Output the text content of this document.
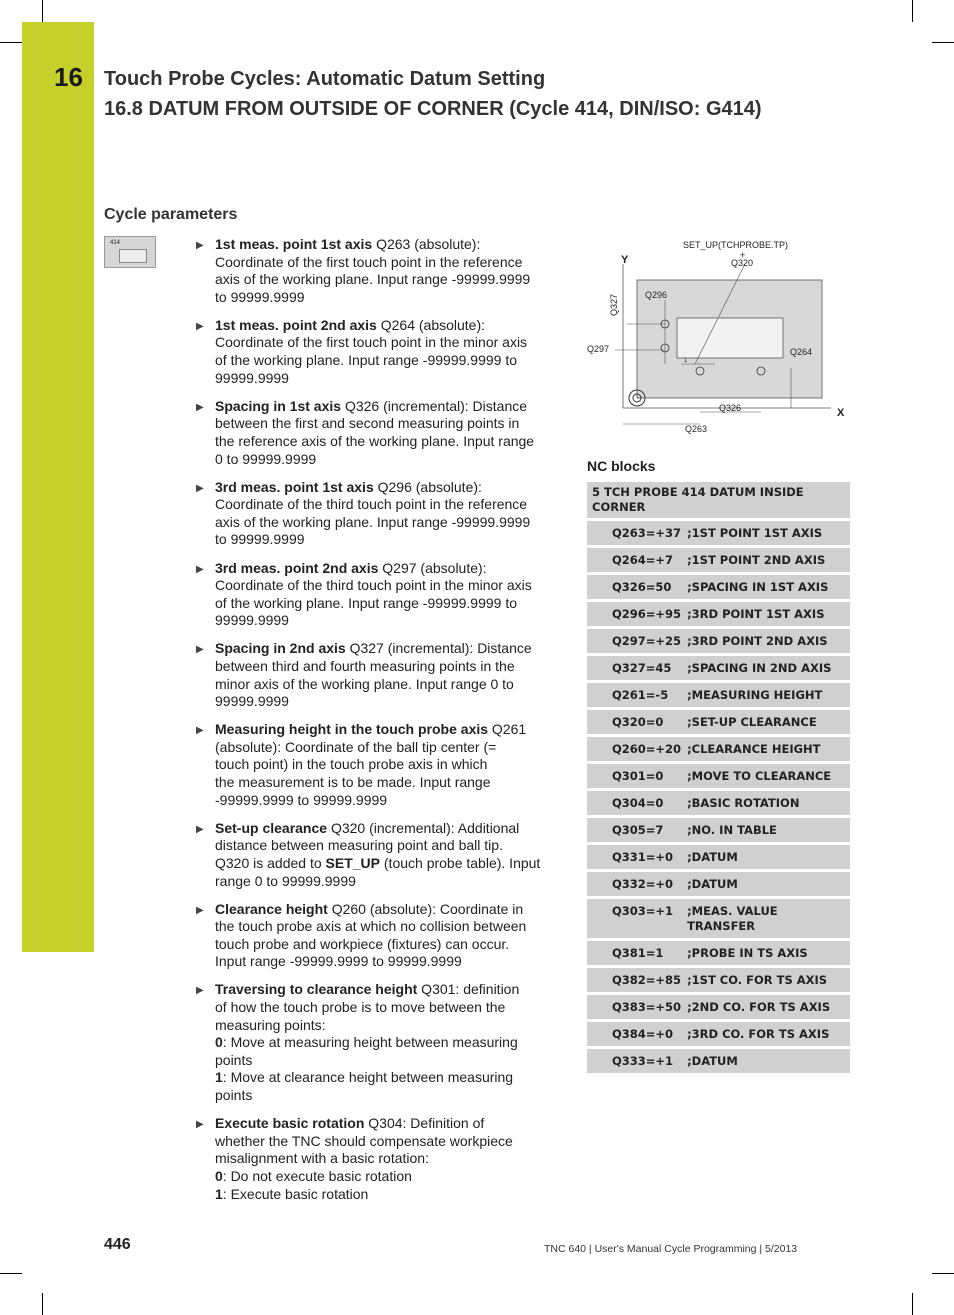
16 Touch Probe Cycles: Automatic Datum Setting
16.8 DATUM FROM OUTSIDE OF CORNER (Cycle 414, DIN/ISO: G414)
Cycle parameters
414	▶ 1st meas. point 1st axis Q263 (absolute):
Coordinate of the first touch point in the reference
axis of the working plane. Input range -99999.9999
to 99999.9999
▶ 1st meas. point 2nd axis Q264 (absolute):
Coordinate of the first touch point in the minor axis
of the working plane. Input range -99999.9999 to
99999.9999
▶ Spacing in 1st axis Q326 (incremental): Distance
between the first and second measuring points in
the reference axis of the working plane. Input range
0 to 99999.9999
▶ 3rd meas. point 1st axis Q296 (absolute):
Coordinate of the third touch point in the reference
axis of the working plane. Input range -99999.9999
to 99999.9999
▶ 3rd meas. point 2nd axis Q297 (absolute):
Coordinate of the third touch point in the minor axis
of the working plane. Input range -99999.9999 to
99999.9999
▶ Spacing in 2nd axis Q327 (incremental): Distance
between third and fourth measuring points in the
minor axis of the working plane. Input range 0 to
99999.9999
▶ Measuring height in the touch probe axis Q261
(absolute): Coordinate of the ball tip center (=
touch point) in the touch probe axis in which
the measurement is to be made. Input range
-99999.9999 to 99999.9999
▶ Set-up clearance Q320 (incremental): Additional
distance between measuring point and ball tip.
Q320 is added to SET_UP (touch probe table). Input
range 0 to 99999.9999
▶ Clearance height Q260 (absolute): Coordinate in
the touch probe axis at which no collision between
touch probe and workpiece (fixtures) can occur.
Input range -99999.9999 to 99999.9999
▶ Traversing to clearance height Q301: definition
of how the touch probe is to move between the
measuring points:
0: Move at measuring height between measuring
points
1: Move at clearance height between measuring
points
▶ Execute basic rotation Q304: Definition of
whether the TNC should compensate workpiece
misalignment with a basic rotation:
0: Do not execute basic rotation
1: Execute basic rotation
SET_UP(TCHPROBE.TP)
+
Q320
Y
X
Q327	Q296
Q297	Q264
Q326
Q263
1
NC blocks
5 TCH PROBE 414 DATUM INSIDE CORNER	
Q263=+37	;1ST POINT 1ST AXIS
Q264=+7	;1ST POINT 2ND AXIS
Q326=50	;SPACING IN 1ST AXIS
Q296=+95	;3RD POINT 1ST AXIS
Q297=+25	;3RD POINT 2ND AXIS
Q327=45	;SPACING IN 2ND AXIS
Q261=-5	;MEASURING HEIGHT
Q320=0	;SET-UP CLEARANCE
Q260=+20	;CLEARANCE HEIGHT
Q301=0	;MOVE TO CLEARANCE
Q304=0	;BASIC ROTATION
Q305=7	;NO. IN TABLE
Q331=+0	;DATUM
Q332=+0	;DATUM
Q303=+1	;MEAS. VALUE TRANSFER
Q381=1	;PROBE IN TS AXIS
Q382=+85	;1ST CO. FOR TS AXIS
Q383=+50	;2ND CO. FOR TS AXIS
Q384=+0	;3RD CO. FOR TS AXIS
Q333=+1	;DATUM
446	TNC 640 | User's Manual Cycle Programming | 5/2013
